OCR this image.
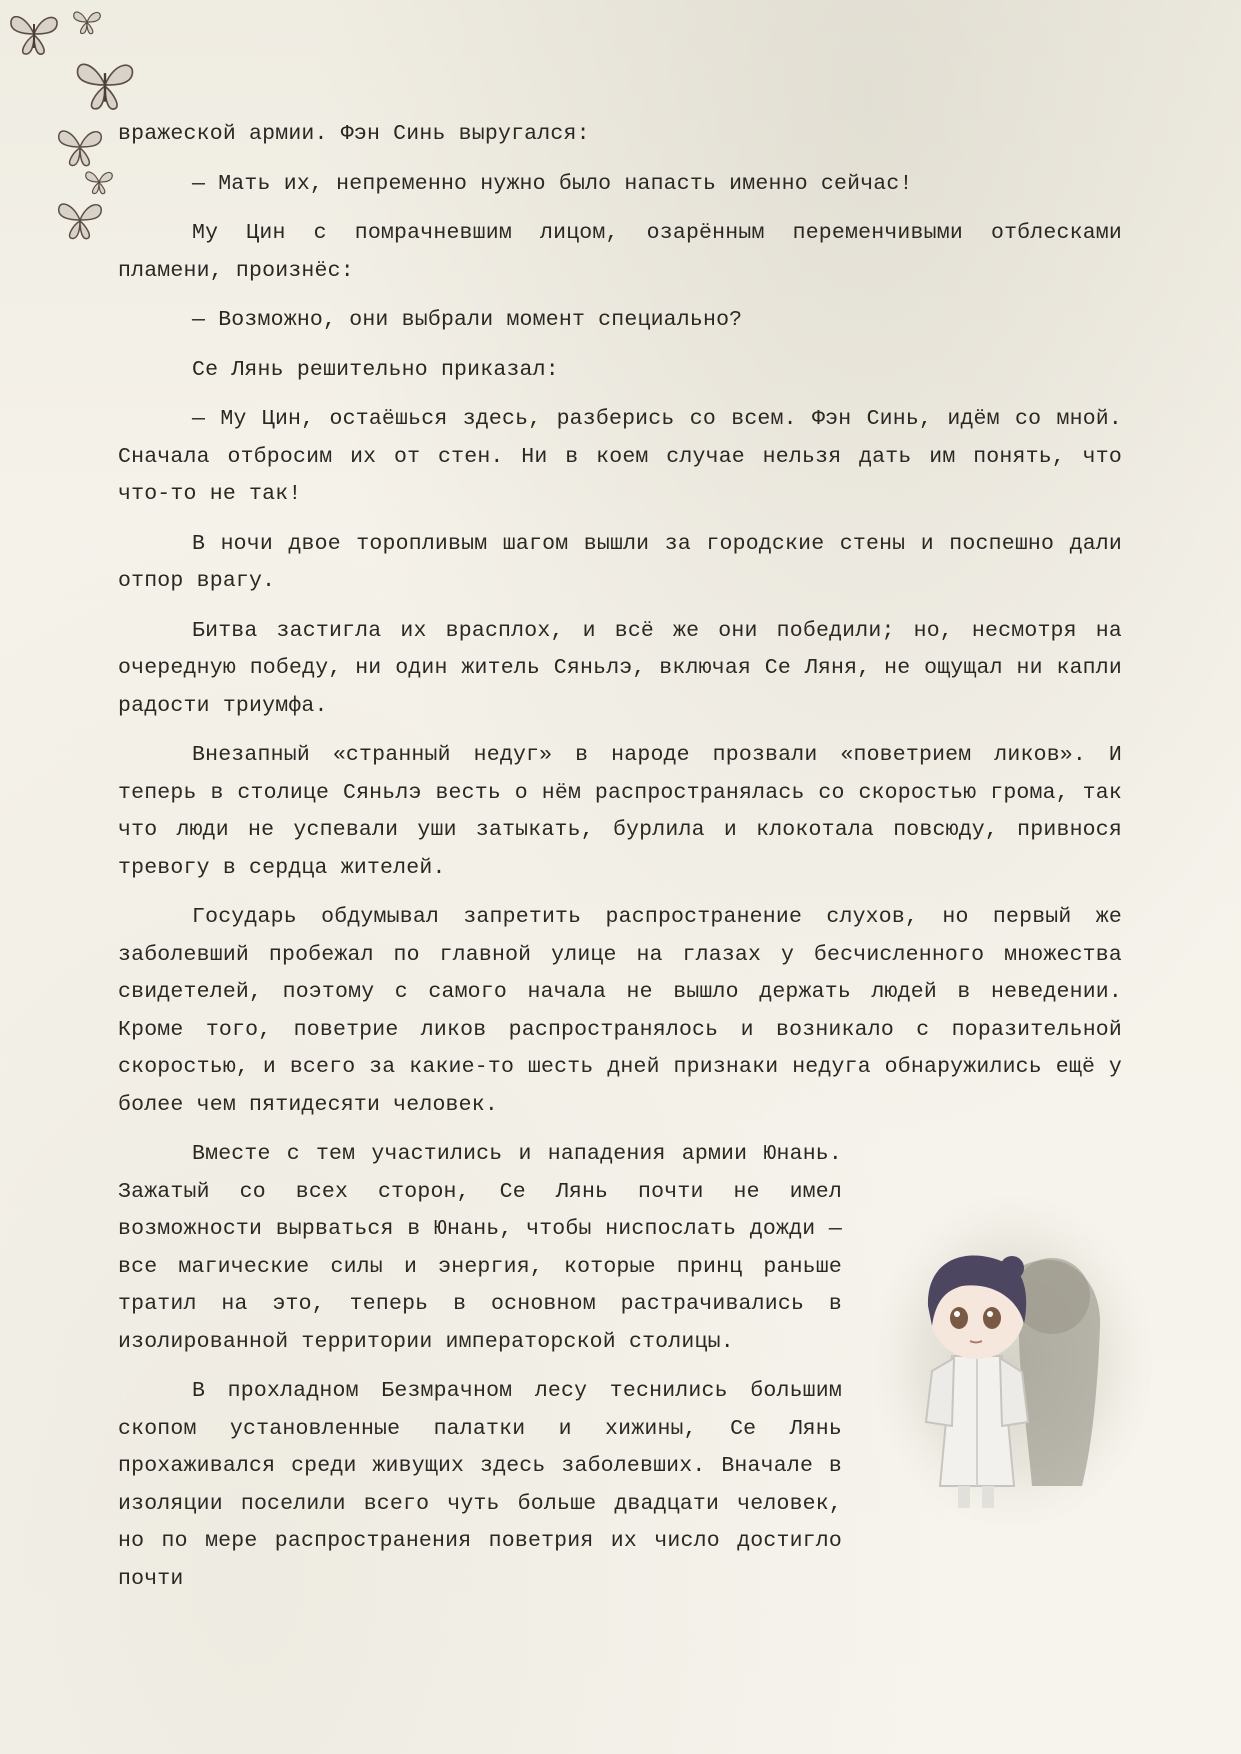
вражеской армии. Фэн Синь выругался:

— Мать их, непременно нужно было напасть именно сейчас!

Му Цин с помрачневшим лицом, озарённым переменчивыми отблесками пламени, произнёс:

— Возможно, они выбрали момент специально?

Се Лянь решительно приказал:

— Му Цин, остаёшься здесь, разберись со всем. Фэн Синь, идём со мной. Сначала отбросим их от стен. Ни в коем случае нельзя дать им понять, что что-то не так!

В ночи двое торопливым шагом вышли за городские стены и поспешно дали отпор врагу.

Битва застигла их врасплох, и всё же они победили; но, несмотря на очередную победу, ни один житель Сяньлэ, включая Се Ляня, не ощущал ни капли радости триумфа.

Внезапный «странный недуг» в народе прозвали «поветрием ликов». И теперь в столице Сяньлэ весть о нём распространялась со скоростью грома, так что люди не успевали уши затыкать, бурлила и клокотала повсюду, привнося тревогу в сердца жителей.

Государь обдумывал запретить распространение слухов, но первый же заболевший пробежал по главной улице на глазах у бесчисленного множества свидетелей, поэтому с самого начала не вышло держать людей в неведении. Кроме того, поветрие ликов распространялось и возникало с поразительной скоростью, и всего за какие-то шесть дней признаки недуга обнаружились ещё у более чем пятидесяти человек.

Вместе с тем участились и нападения армии Юнань. Зажатый со всех сторон, Се Лянь почти не имел возможности вырваться в Юнань, чтобы ниспослать дожди — все магические силы и энергия, которые принц раньше тратил на это, теперь в основном растрачивались в изолированной территории императорской столицы.

В прохладном Безмрачном лесу теснились большим скопом установленные палатки и хижины, Се Лянь прохаживался среди живущих здесь заболевших. Вначале в изоляции поселили всего чуть больше двадцати человек, но по мере распространения поветрия их число достигло почти
